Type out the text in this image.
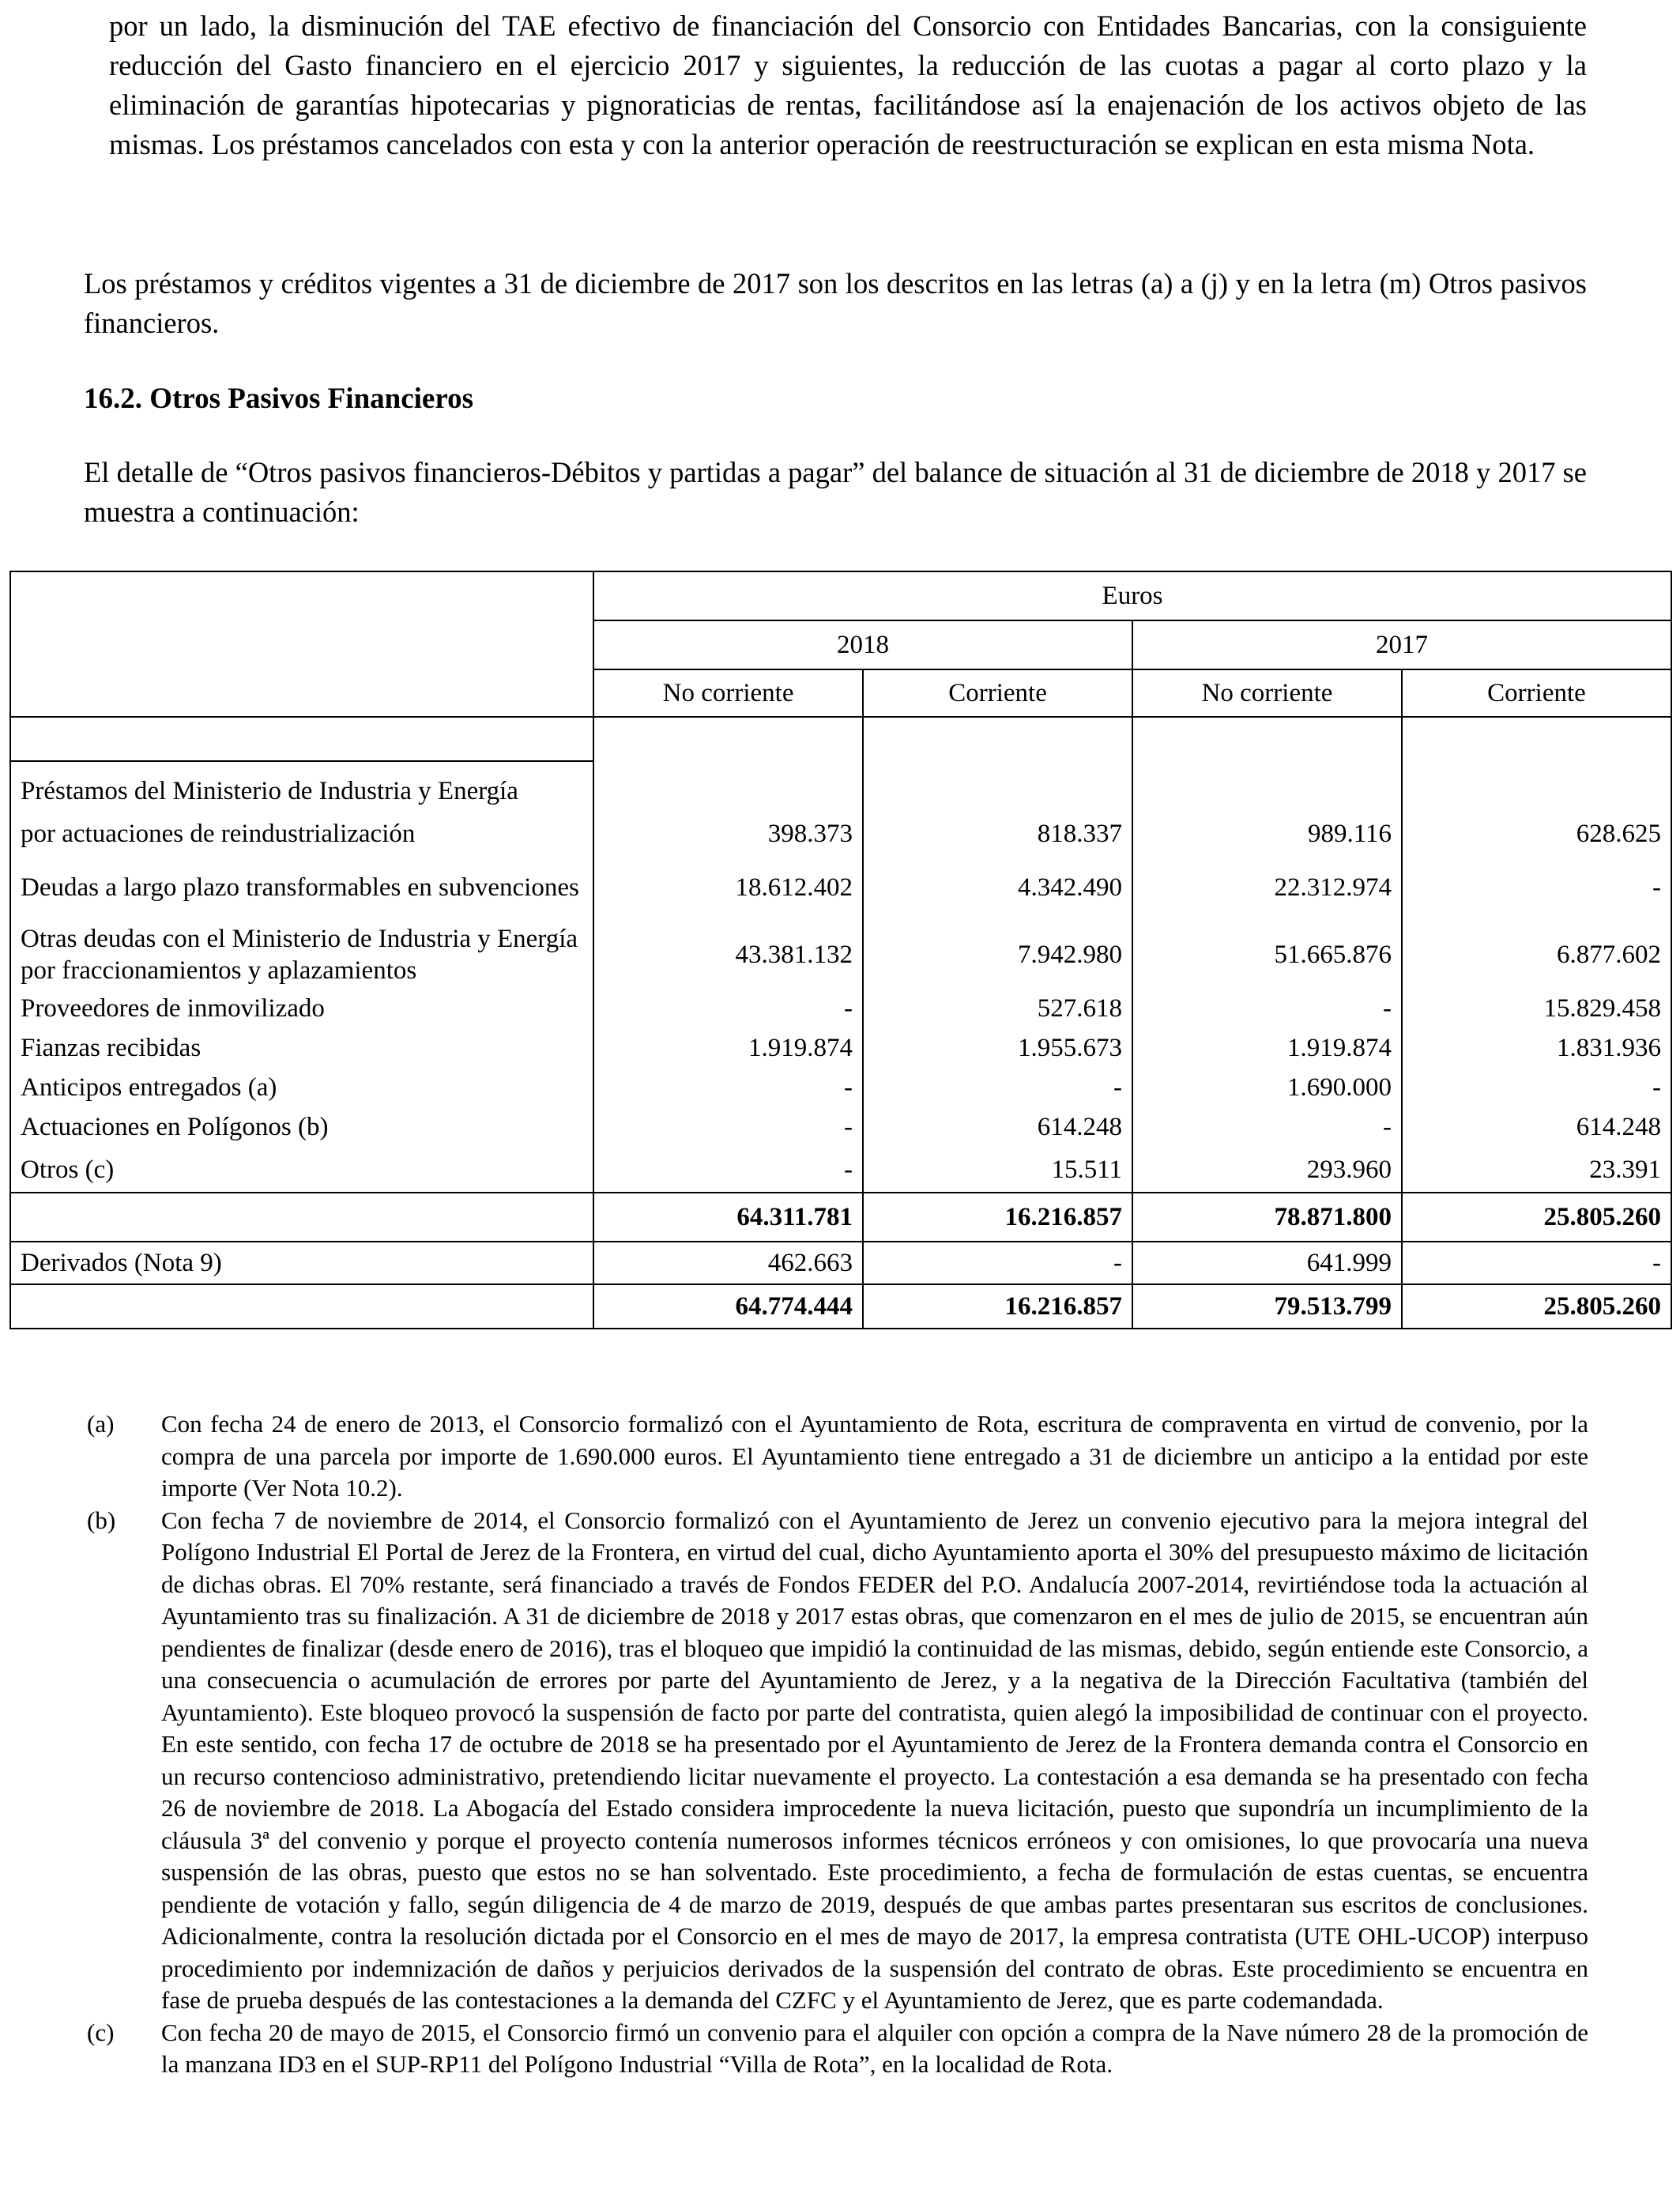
por un lado, la disminución del TAE efectivo de financiación del Consorcio con Entidades Bancarias, con la consiguiente reducción del Gasto financiero en el ejercicio 2017 y siguientes, la reducción de las cuotas a pagar al corto plazo y la eliminación de garantías hipotecarias y pignoraticias de rentas, facilitándose así la enajenación de los activos objeto de las mismas. Los préstamos cancelados con esta y con la anterior operación de reestructuración se explican en esta misma Nota.

Los préstamos y créditos vigentes a 31 de diciembre de 2017 son los descritos en las letras (a) a (j) y en la letra (m) Otros pasivos financieros.

16.2. Otros Pasivos Financieros

El detalle de “Otros pasivos financieros-Débitos y partidas a pagar” del balance de situación al 31 de diciembre de 2018 y 2017 se muestra a continuación:

	Euros			
	2018		2017	
	No corriente	Corriente	No corriente	Corriente

Préstamos del Ministerio de Industria y Energía
por actuaciones de reindustrialización	398.373	818.337	989.116	628.625
Deudas a largo plazo transformables en subvenciones	18.612.402	4.342.490	22.312.974	-
Otras deudas con el Ministerio de Industria y Energía por fraccionamientos y aplazamientos	43.381.132	7.942.980	51.665.876	6.877.602
Proveedores de inmovilizado	-	527.618	-	15.829.458
Fianzas recibidas	1.919.874	1.955.673	1.919.874	1.831.936
Anticipos entregados (a)	-	-	1.690.000	-
Actuaciones en Polígonos (b)	-	614.248	-	614.248
Otros (c)	-	15.511	293.960	23.391
	64.311.781	16.216.857	78.871.800	25.805.260
Derivados (Nota 9)	462.663	-	641.999	-
	64.774.444	16.216.857	79.513.799	25.805.260
(a)	Con fecha 24 de enero de 2013, el Consorcio formalizó con el Ayuntamiento de Rota, escritura de compraventa en virtud de convenio, por la compra de una parcela por importe de 1.690.000 euros. El Ayuntamiento tiene entregado a 31 de diciembre un anticipo a la entidad por este importe (Ver Nota 10.2).
(b)	Con fecha 7 de noviembre de 2014, el Consorcio formalizó con el Ayuntamiento de Jerez un convenio ejecutivo para la mejora integral del Polígono Industrial El Portal de Jerez de la Frontera, en virtud del cual, dicho Ayuntamiento aporta el 30% del presupuesto máximo de licitación de dichas obras. El 70% restante, será financiado a través de Fondos FEDER del P.O. Andalucía 2007-2014, revirtiéndose toda la actuación al Ayuntamiento tras su finalización. A 31 de diciembre de 2018 y 2017 estas obras, que comenzaron en el mes de julio de 2015, se encuentran aún pendientes de finalizar (desde enero de 2016), tras el bloqueo que impidió la continuidad de las mismas, debido, según entiende este Consorcio, a una consecuencia o acumulación de errores por parte del Ayuntamiento de Jerez, y a la negativa de la Dirección Facultativa (también del Ayuntamiento). Este bloqueo provocó la suspensión de facto por parte del contratista, quien alegó la imposibilidad de continuar con el proyecto. En este sentido, con fecha 17 de octubre de 2018 se ha presentado por el Ayuntamiento de Jerez de la Frontera demanda contra el Consorcio en un recurso contencioso administrativo, pretendiendo licitar nuevamente el proyecto. La contestación a esa demanda se ha presentado con fecha 26 de noviembre de 2018. La Abogacía del Estado considera improcedente la nueva licitación, puesto que supondría un incumplimiento de la cláusula 3ª del convenio y porque el proyecto contenía numerosos informes técnicos erróneos y con omisiones, lo que provocaría una nueva suspensión de las obras, puesto que estos no se han solventado. Este procedimiento, a fecha de formulación de estas cuentas, se encuentra pendiente de votación y fallo, según diligencia de 4 de marzo de 2019, después de que ambas partes presentaran sus escritos de conclusiones. Adicionalmente, contra la resolución dictada por el Consorcio en el mes de mayo de 2017, la empresa contratista (UTE OHL-UCOP) interpuso procedimiento por indemnización de daños y perjuicios derivados de la suspensión del contrato de obras. Este procedimiento se encuentra en fase de prueba después de las contestaciones a la demanda del CZFC y el Ayuntamiento de Jerez, que es parte codemandada.
(c)	Con fecha 20 de mayo de 2015, el Consorcio firmó un convenio para el alquiler con opción a compra de la Nave número 28 de la promoción de la manzana ID3 en el SUP-RP11 del Polígono Industrial “Villa de Rota”, en la localidad de Rota.
